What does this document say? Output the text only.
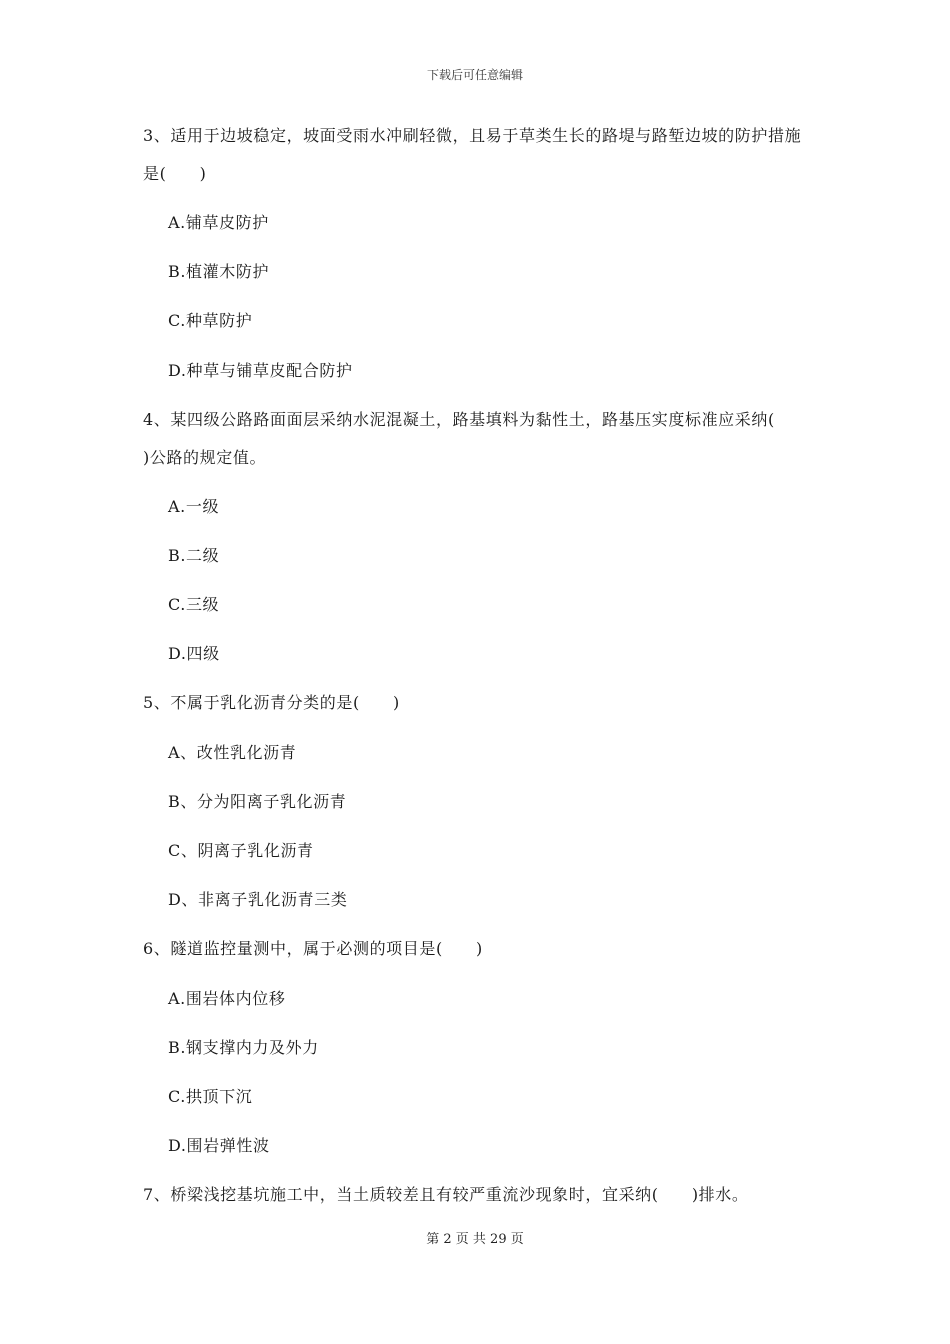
下载后可任意编辑
3、适用于边坡稳定，坡面受雨水冲刷轻微，且易于草类生长的路堤与路堑边坡的防护措施
是(　　)
A.铺草皮防护
B.植灌木防护
C.种草防护
D.种草与铺草皮配合防护
4、某四级公路路面面层采纳水泥混凝土，路基填料为黏性土，路基压实度标准应采纳(
)公路的规定值。
A.一级
B.二级
C.三级
D.四级
5、不属于乳化沥青分类的是(　　)
A、改性乳化沥青
B、分为阳离子乳化沥青
C、阴离子乳化沥青
D、非离子乳化沥青三类
6、隧道监控量测中，属于必测的项目是(　　)
A.围岩体内位移
B.钢支撑内力及外力
C.拱顶下沉
D.围岩弹性波
7、桥梁浅挖基坑施工中，当土质较差且有较严重流沙现象时，宜采纳(　　)排水。
第 2 页 共 29 页
